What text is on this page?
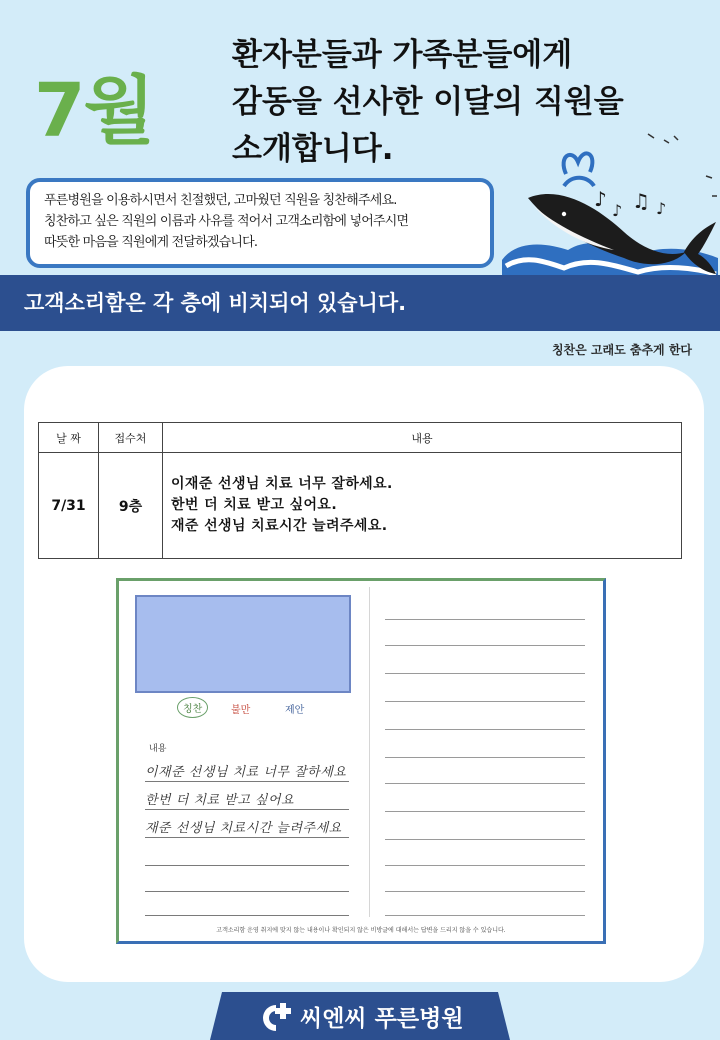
7월
환자분들과 가족분들에게
감동을 선사한 이달의 직원을
소개합니다.
푸른병원을 이용하시면서 친절했던, 고마웠던 직원을 칭찬해주세요.
칭찬하고 싶은 직원의 이름과 사유를 적어서 고객소리함에 넣어주시면
따뜻한 마음을 직원에게 전달하겠습니다.
♪ ♪ ♫ ♪
고객소리함은 각 층에 비치되어 있습니다.
칭찬은 고래도 춤추게 한다
날 짜	접수처	내용
7/31	9층	이재준 선생님 치료 너무 잘하세요.
한번 더 치료 받고 싶어요.
재준 선생님 치료시간 늘려주세요.
칭찬	불만	제안
내용
이재준 선생님 치료 너무 잘하세요
한번 더 치료 받고 싶어요
재준 선생님 치료시간 늘려주세요
고객소리함 운영 취지에 맞지 않는 내용이나 확인되지 않은 비방글에 대해서는 답변을 드리지 않을 수 있습니다.
씨엔씨 푸른병원
